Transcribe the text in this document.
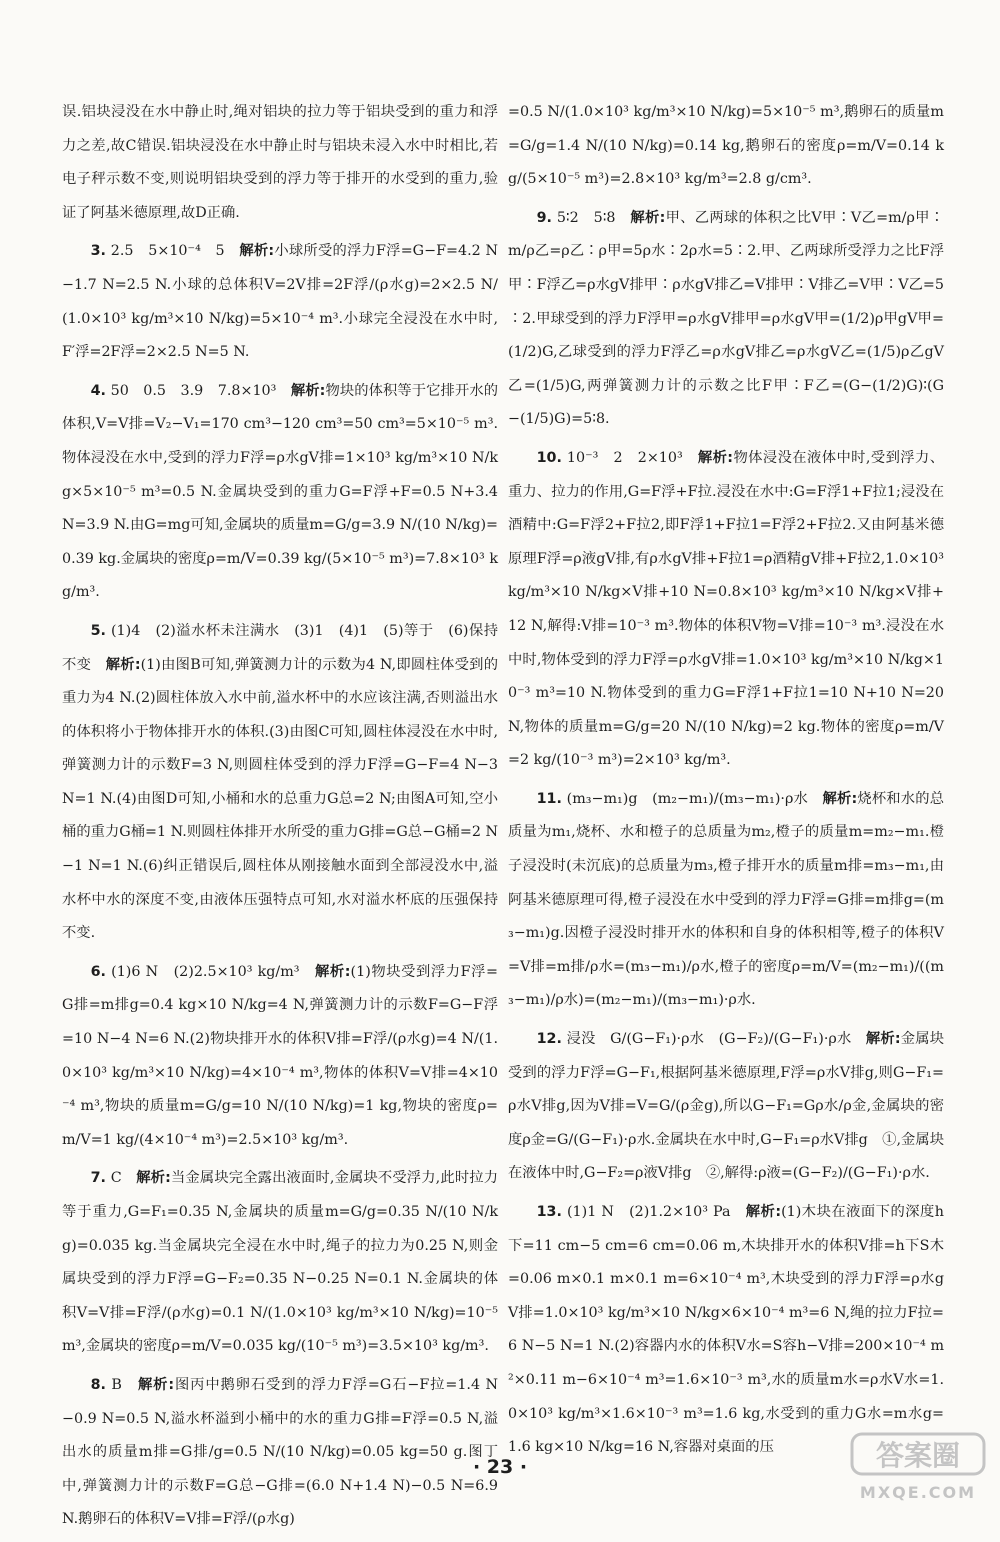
误.铝块浸没在水中静止时,绳对铝块的拉力等于铝块受到的重力和浮力之差,故C错误.铝块浸没在水中静止时与铝块未浸入水中时相比,若电子秤示数不变,则说明铝块受到的浮力等于排开的水受到的重力,验证了阿基米德原理,故D正确.

3. 2.5　5×10⁻⁴　5　 解析:小球所受的浮力F浮=G−F=4.2 N−1.7 N=2.5 N.小球的总体积V=2V排=2F浮/(ρ水g)=2×2.5 N/(1.0×10³ kg/m³×10 N/kg)=5×10⁻⁴ m³.小球完全浸没在水中时,F′浮=2F浮=2×2.5 N=5 N.

4. 50　0.5　3.9　7.8×10³　 解析:物块的体积等于它排开水的体积,V=V排=V₂−V₁=170 cm³−120 cm³=50 cm³=5×10⁻⁵ m³.物体浸没在水中,受到的浮力F浮=ρ水gV排=1×10³ kg/m³×10 N/kg×5×10⁻⁵ m³=0.5 N.金属块受到的重力G=F浮+F=0.5 N+3.4 N=3.9 N.由G=mg可知,金属块的质量m=G/g=3.9 N/(10 N/kg)=0.39 kg.金属块的密度ρ=m/V=0.39 kg/(5×10⁻⁵ m³)=7.8×10³ kg/m³.

5. (1)4　(2)溢水杯未注满水　(3)1　(4)1　(5)等于　(6)保持不变　 解析:(1)由图B可知,弹簧测力计的示数为4 N,即圆柱体受到的重力为4 N.(2)圆柱体放入水中前,溢水杯中的水应该注满,否则溢出水的体积将小于物体排开水的体积.(3)由图C可知,圆柱体浸没在水中时,弹簧测力计的示数F=3 N,则圆柱体受到的浮力F浮=G−F=4 N−3 N=1 N.(4)由图D可知,小桶和水的总重力G总=2 N;由图A可知,空小桶的重力G桶=1 N.则圆柱体排开水所受的重力G排=G总−G桶=2 N−1 N=1 N.(6)纠正错误后,圆柱体从刚接触水面到全部浸没水中,溢水杯中水的深度不变,由液体压强特点可知,水对溢水杯底的压强保持不变.

6. (1)6 N　(2)2.5×10³ kg/m³　 解析:(1)物块受到浮力F浮=G排=m排g=0.4 kg×10 N/kg=4 N,弹簧测力计的示数F=G−F浮=10 N−4 N=6 N.(2)物块排开水的体积V排=F浮/(ρ水g)=4 N/(1.0×10³ kg/m³×10 N/kg)=4×10⁻⁴ m³,物体的体积V=V排=4×10⁻⁴ m³,物块的质量m=G/g=10 N/(10 N/kg)=1 kg,物块的密度ρ=m/V=1 kg/(4×10⁻⁴ m³)=2.5×10³ kg/m³.

7. C　 解析:当金属块完全露出液面时,金属块不受浮力,此时拉力等于重力,G=F₁=0.35 N,金属块的质量m=G/g=0.35 N/(10 N/kg)=0.035 kg.当金属块完全浸在水中时,绳子的拉力为0.25 N,则金属块受到的浮力F浮=G−F₂=0.35 N−0.25 N=0.1 N.金属块的体积V=V排=F浮/(ρ水g)=0.1 N/(1.0×10³ kg/m³×10 N/kg)=10⁻⁵ m³,金属块的密度ρ=m/V=0.035 kg/(10⁻⁵ m³)=3.5×10³ kg/m³.

8. B　 解析:图丙中鹅卵石受到的浮力F浮=G石−F拉=1.4 N−0.9 N=0.5 N,溢水杯溢到小桶中的水的重力G排=F浮=0.5 N,溢出水的质量m排=G排/g=0.5 N/(10 N/kg)=0.05 kg=50 g.图丁中,弹簧测力计的示数F=G总−G排=(6.0 N+1.4 N)−0.5 N=6.9 N.鹅卵石的体积V=V排=F浮/(ρ水g)

=0.5 N/(1.0×10³ kg/m³×10 N/kg)=5×10⁻⁵ m³,鹅卵石的质量m=G/g=1.4 N/(10 N/kg)=0.14 kg,鹅卵石的密度ρ=m/V=0.14 kg/(5×10⁻⁵ m³)=2.8×10³ kg/m³=2.8 g/cm³.

9. 5∶2　5∶8　 解析:甲、乙两球的体积之比V甲∶V乙=m/ρ甲∶m/ρ乙=ρ乙∶ρ甲=5ρ水∶2ρ水=5∶2.甲、乙两球所受浮力之比F浮甲∶F浮乙=ρ水gV排甲∶ρ水gV排乙=V排甲∶V排乙=V甲∶V乙=5∶2.甲球受到的浮力F浮甲=ρ水gV排甲=ρ水gV甲=(1/2)ρ甲gV甲=(1/2)G,乙球受到的浮力F浮乙=ρ水gV排乙=ρ水gV乙=(1/5)ρ乙gV乙=(1/5)G,两弹簧测力计的示数之比F甲∶F乙=(G−(1/2)G)∶(G−(1/5)G)=5∶8.

10. 10⁻³　2　2×10³　 解析:物体浸没在液体中时,受到浮力、重力、拉力的作用,G=F浮+F拉.浸没在水中:G=F浮1+F拉1;浸没在酒精中:G=F浮2+F拉2,即F浮1+F拉1=F浮2+F拉2.又由阿基米德原理F浮=ρ液gV排,有ρ水gV排+F拉1=ρ酒精gV排+F拉2,1.0×10³ kg/m³×10 N/kg×V排+10 N=0.8×10³ kg/m³×10 N/kg×V排+12 N,解得:V排=10⁻³ m³.物体的体积V物=V排=10⁻³ m³.浸没在水中时,物体受到的浮力F浮=ρ水gV排=1.0×10³ kg/m³×10 N/kg×10⁻³ m³=10 N.物体受到的重力G=F浮1+F拉1=10 N+10 N=20 N,物体的质量m=G/g=20 N/(10 N/kg)=2 kg.物体的密度ρ=m/V=2 kg/(10⁻³ m³)=2×10³ kg/m³.

11. (m₃−m₁)g　(m₂−m₁)/(m₃−m₁)·ρ水　 解析:烧杯和水的总质量为m₁,烧杯、水和橙子的总质量为m₂,橙子的质量m=m₂−m₁.橙子浸没时(未沉底)的总质量为m₃,橙子排开水的质量m排=m₃−m₁,由阿基米德原理可得,橙子浸没在水中受到的浮力F浮=G排=m排g=(m₃−m₁)g.因橙子浸没时排开水的体积和自身的体积相等,橙子的体积V=V排=m排/ρ水=(m₃−m₁)/ρ水,橙子的密度ρ=m/V=(m₂−m₁)/((m₃−m₁)/ρ水)=(m₂−m₁)/(m₃−m₁)·ρ水.

12. 浸没　G/(G−F₁)·ρ水　(G−F₂)/(G−F₁)·ρ水　 解析:金属块受到的浮力F浮=G−F₁,根据阿基米德原理,F浮=ρ水V排g,则G−F₁=ρ水V排g,因为V排=V=G/(ρ金g),所以G−F₁=Gρ水/ρ金,金属块的密度ρ金=G/(G−F₁)·ρ水.金属块在水中时,G−F₁=ρ水V排g　①,金属块在液体中时,G−F₂=ρ液V排g　②,解得:ρ液=(G−F₂)/(G−F₁)·ρ水.

13. (1)1 N　(2)1.2×10³ Pa　 解析:(1)木块在液面下的深度h下=11 cm−5 cm=6 cm=0.06 m,木块排开水的体积V排=h下S木=0.06 m×0.1 m×0.1 m=6×10⁻⁴ m³,木块受到的浮力F浮=ρ水gV排=1.0×10³ kg/m³×10 N/kg×6×10⁻⁴ m³=6 N,绳的拉力F拉=6 N−5 N=1 N.(2)容器内水的体积V水=S容h−V排=200×10⁻⁴ m²×0.11 m−6×10⁻⁴ m³=1.6×10⁻³ m³,水的质量m水=ρ水V水=1.0×10³ kg/m³×1.6×10⁻³ m³=1.6 kg,水受到的重力G水=m水g=1.6 kg×10 N/kg=16 N,容器对桌面的压

· 23 ·	答案圈
MXQE.COM
